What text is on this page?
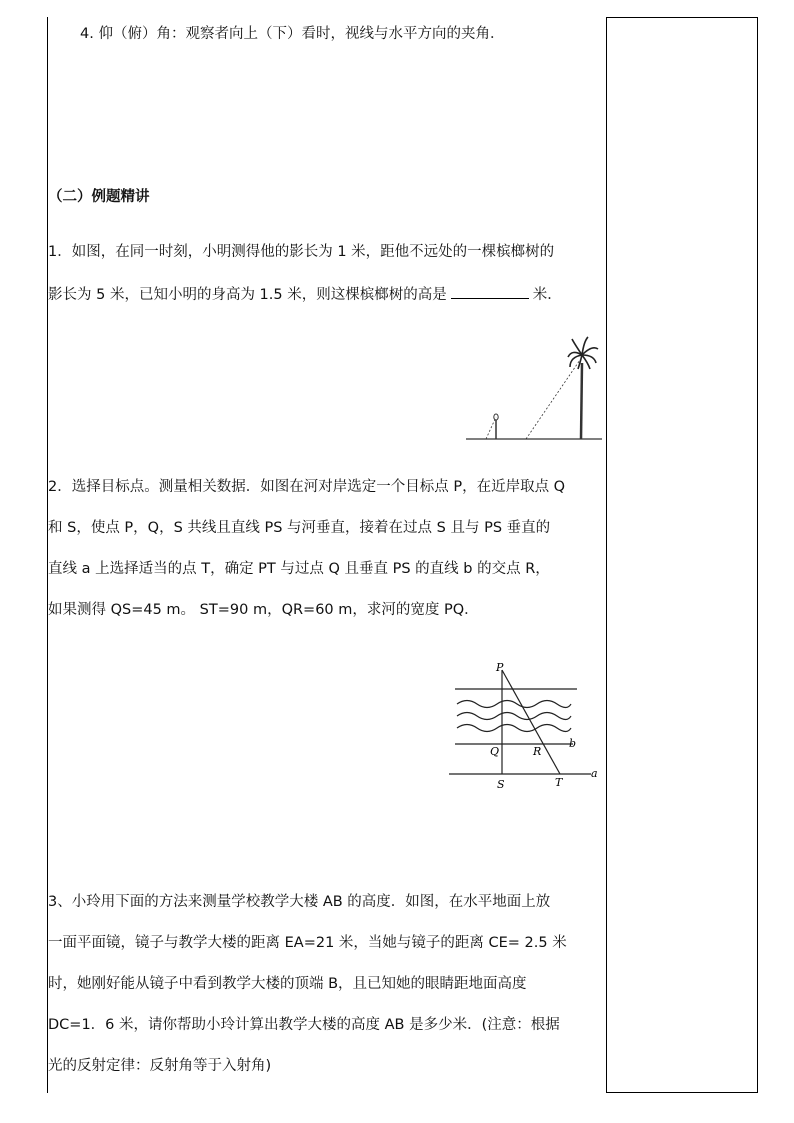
4. 仰（俯）角：观察者向上（下）看时，视线与水平方向的夹角．
（二）例题精讲
1．如图，在同一时刻，小明测得他的影长为 1 米，距他不远处的一棵槟榔树的
影长为 5 米，已知小明的身高为 1.5 米，则这棵槟榔树的高是	米．
2．选择目标点。测量相关数据．如图在河对岸选定一个目标点 P，在近岸取点 Q
和 S，使点 P，Q，S 共线且直线 PS 与河垂直，接着在过点 S 且与 PS 垂直的
直线 a 上选择适当的点 T，确定 PT 与过点 Q 且垂直 PS 的直线 b 的交点 R，
如果测得 QS=45 m。 ST=90 m，QR=60 m，求河的宽度 PQ．
P
Q	R
b
S	T
a
3、小玲用下面的方法来测量学校教学大楼 AB 的高度．如图，在水平地面上放
一面平面镜，镜子与教学大楼的距离 EA=21 米，当她与镜子的距离 CE= 2.5 米
时，她刚好能从镜子中看到教学大楼的顶端 B，且已知她的眼睛距地面高度
DC=1．6 米，请你帮助小玲计算出教学大楼的高度 AB 是多少米．(注意：根据
光的反射定律：反射角等于入射角)
